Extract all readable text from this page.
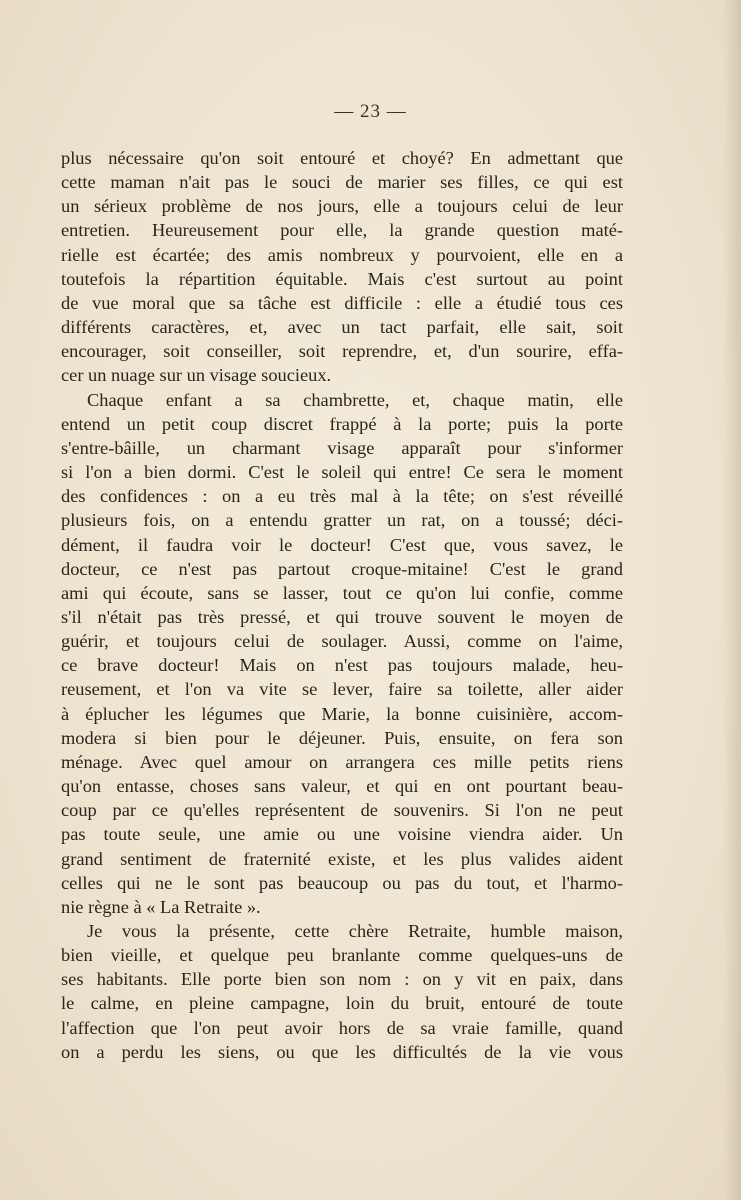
— 23 —
plus nécessaire qu'on soit entouré et choyé? En admettant que
cette maman n'ait pas le souci de marier ses filles, ce qui est
un sérieux problème de nos jours, elle a toujours celui de leur
entretien. Heureusement pour elle, la grande question maté-
rielle est écartée; des amis nombreux y pourvoient, elle en a
toutefois la répartition équitable. Mais c'est surtout au point
de vue moral que sa tâche est difficile : elle a étudié tous ces
différents caractères, et, avec un tact parfait, elle sait, soit
encourager, soit conseiller, soit reprendre, et, d'un sourire, effa-
cer un nuage sur un visage soucieux.
Chaque enfant a sa chambrette, et, chaque matin, elle
entend un petit coup discret frappé à la porte; puis la porte
s'entre-bâille, un charmant visage apparaît pour s'informer
si l'on a bien dormi. C'est le soleil qui entre! Ce sera le moment
des confidences : on a eu très mal à la tête; on s'est réveillé
plusieurs fois, on a entendu gratter un rat, on a toussé; déci-
dément, il faudra voir le docteur! C'est que, vous savez, le
docteur, ce n'est pas partout croque-mitaine! C'est le grand
ami qui écoute, sans se lasser, tout ce qu'on lui confie, comme
s'il n'était pas très pressé, et qui trouve souvent le moyen de
guérir, et toujours celui de soulager. Aussi, comme on l'aime,
ce brave docteur! Mais on n'est pas toujours malade, heu-
reusement, et l'on va vite se lever, faire sa toilette, aller aider
à éplucher les légumes que Marie, la bonne cuisinière, accom-
modera si bien pour le déjeuner. Puis, ensuite, on fera son
ménage. Avec quel amour on arrangera ces mille petits riens
qu'on entasse, choses sans valeur, et qui en ont pourtant beau-
coup par ce qu'elles représentent de souvenirs. Si l'on ne peut
pas toute seule, une amie ou une voisine viendra aider. Un
grand sentiment de fraternité existe, et les plus valides aident
celles qui ne le sont pas beaucoup ou pas du tout, et l'harmo-
nie règne à « La Retraite ».
Je vous la présente, cette chère Retraite, humble maison,
bien vieille, et quelque peu branlante comme quelques-uns de
ses habitants. Elle porte bien son nom : on y vit en paix, dans
le calme, en pleine campagne, loin du bruit, entouré de toute
l'affection que l'on peut avoir hors de sa vraie famille, quand
on a perdu les siens, ou que les difficultés de la vie vous
